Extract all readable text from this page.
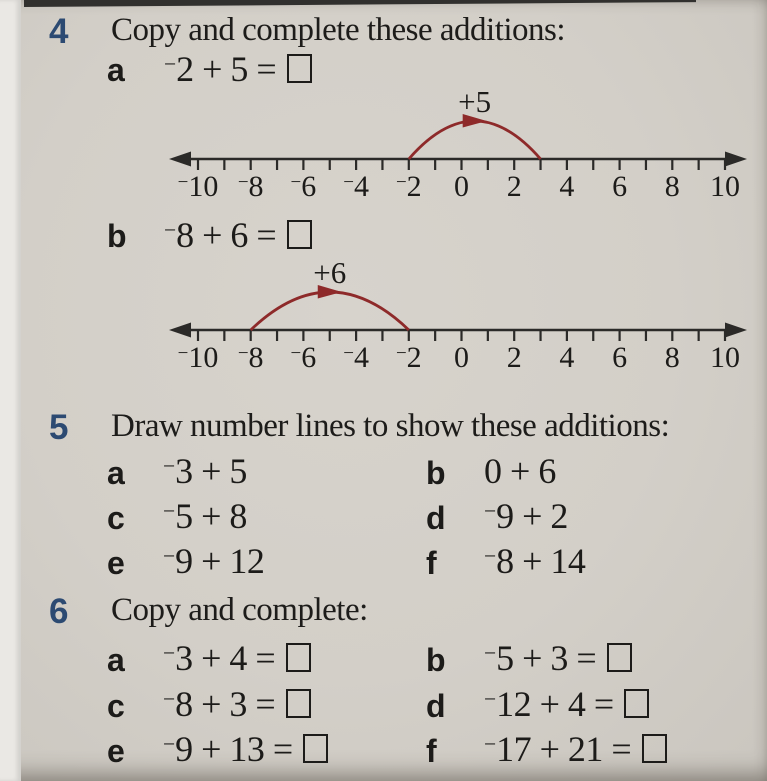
4 Copy and complete these additions:
a −2 + 5 =
−10 −8 −6 −4 −2 0 2 4 6 8 10
+5
b −8 + 6 =
−10 −8 −6 −4 −2 0 2 4 6 8 10
+6
5 Draw number lines to show these additions:
a −3 + 5	b 0 + 6
c −5 + 8	d −9 + 2
e −9 + 12	f −8 + 14
6 Copy and complete:
a −3 + 4 =	b −5 + 3 =
c −8 + 3 =	d −12 + 4 =
e −9 + 13 =	f −17 + 21 =
